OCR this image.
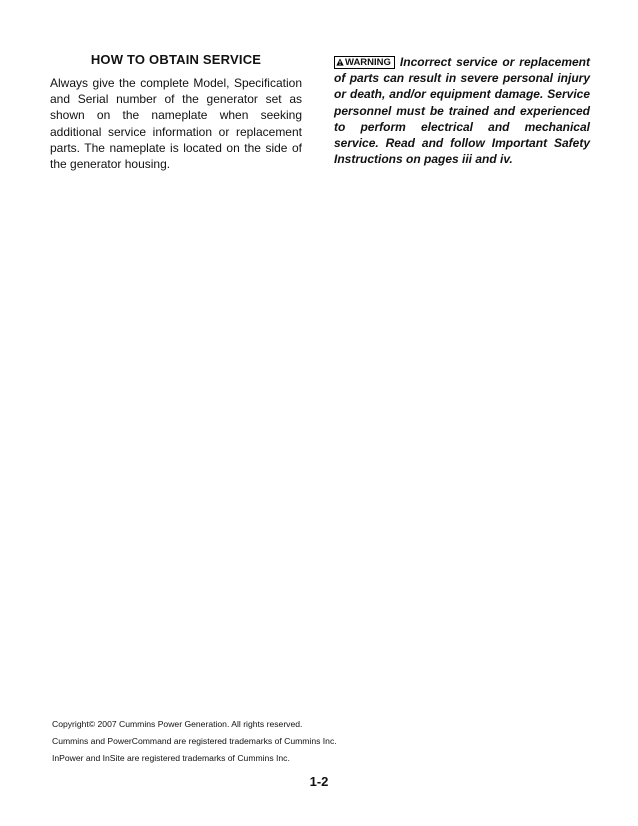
HOW TO OBTAIN SERVICE

Always give the complete Model, Specification and Serial number of the generator set as shown on the nameplate when seeking additional service information or replacement parts. The nameplate is located on the side of the generator housing.

WARNING Incorrect service or replacement of parts can result in severe personal injury or death, and/or equipment damage. Service personnel must be trained and experienced to perform electrical and mechanical service. Read and follow Important Safety Instructions on pages iii and iv.

Copyright© 2007 Cummins Power Generation. All rights reserved.
Cummins and PowerCommand are registered trademarks of Cummins Inc.
InPower and InSite are registered trademarks of Cummins Inc.
1-2
